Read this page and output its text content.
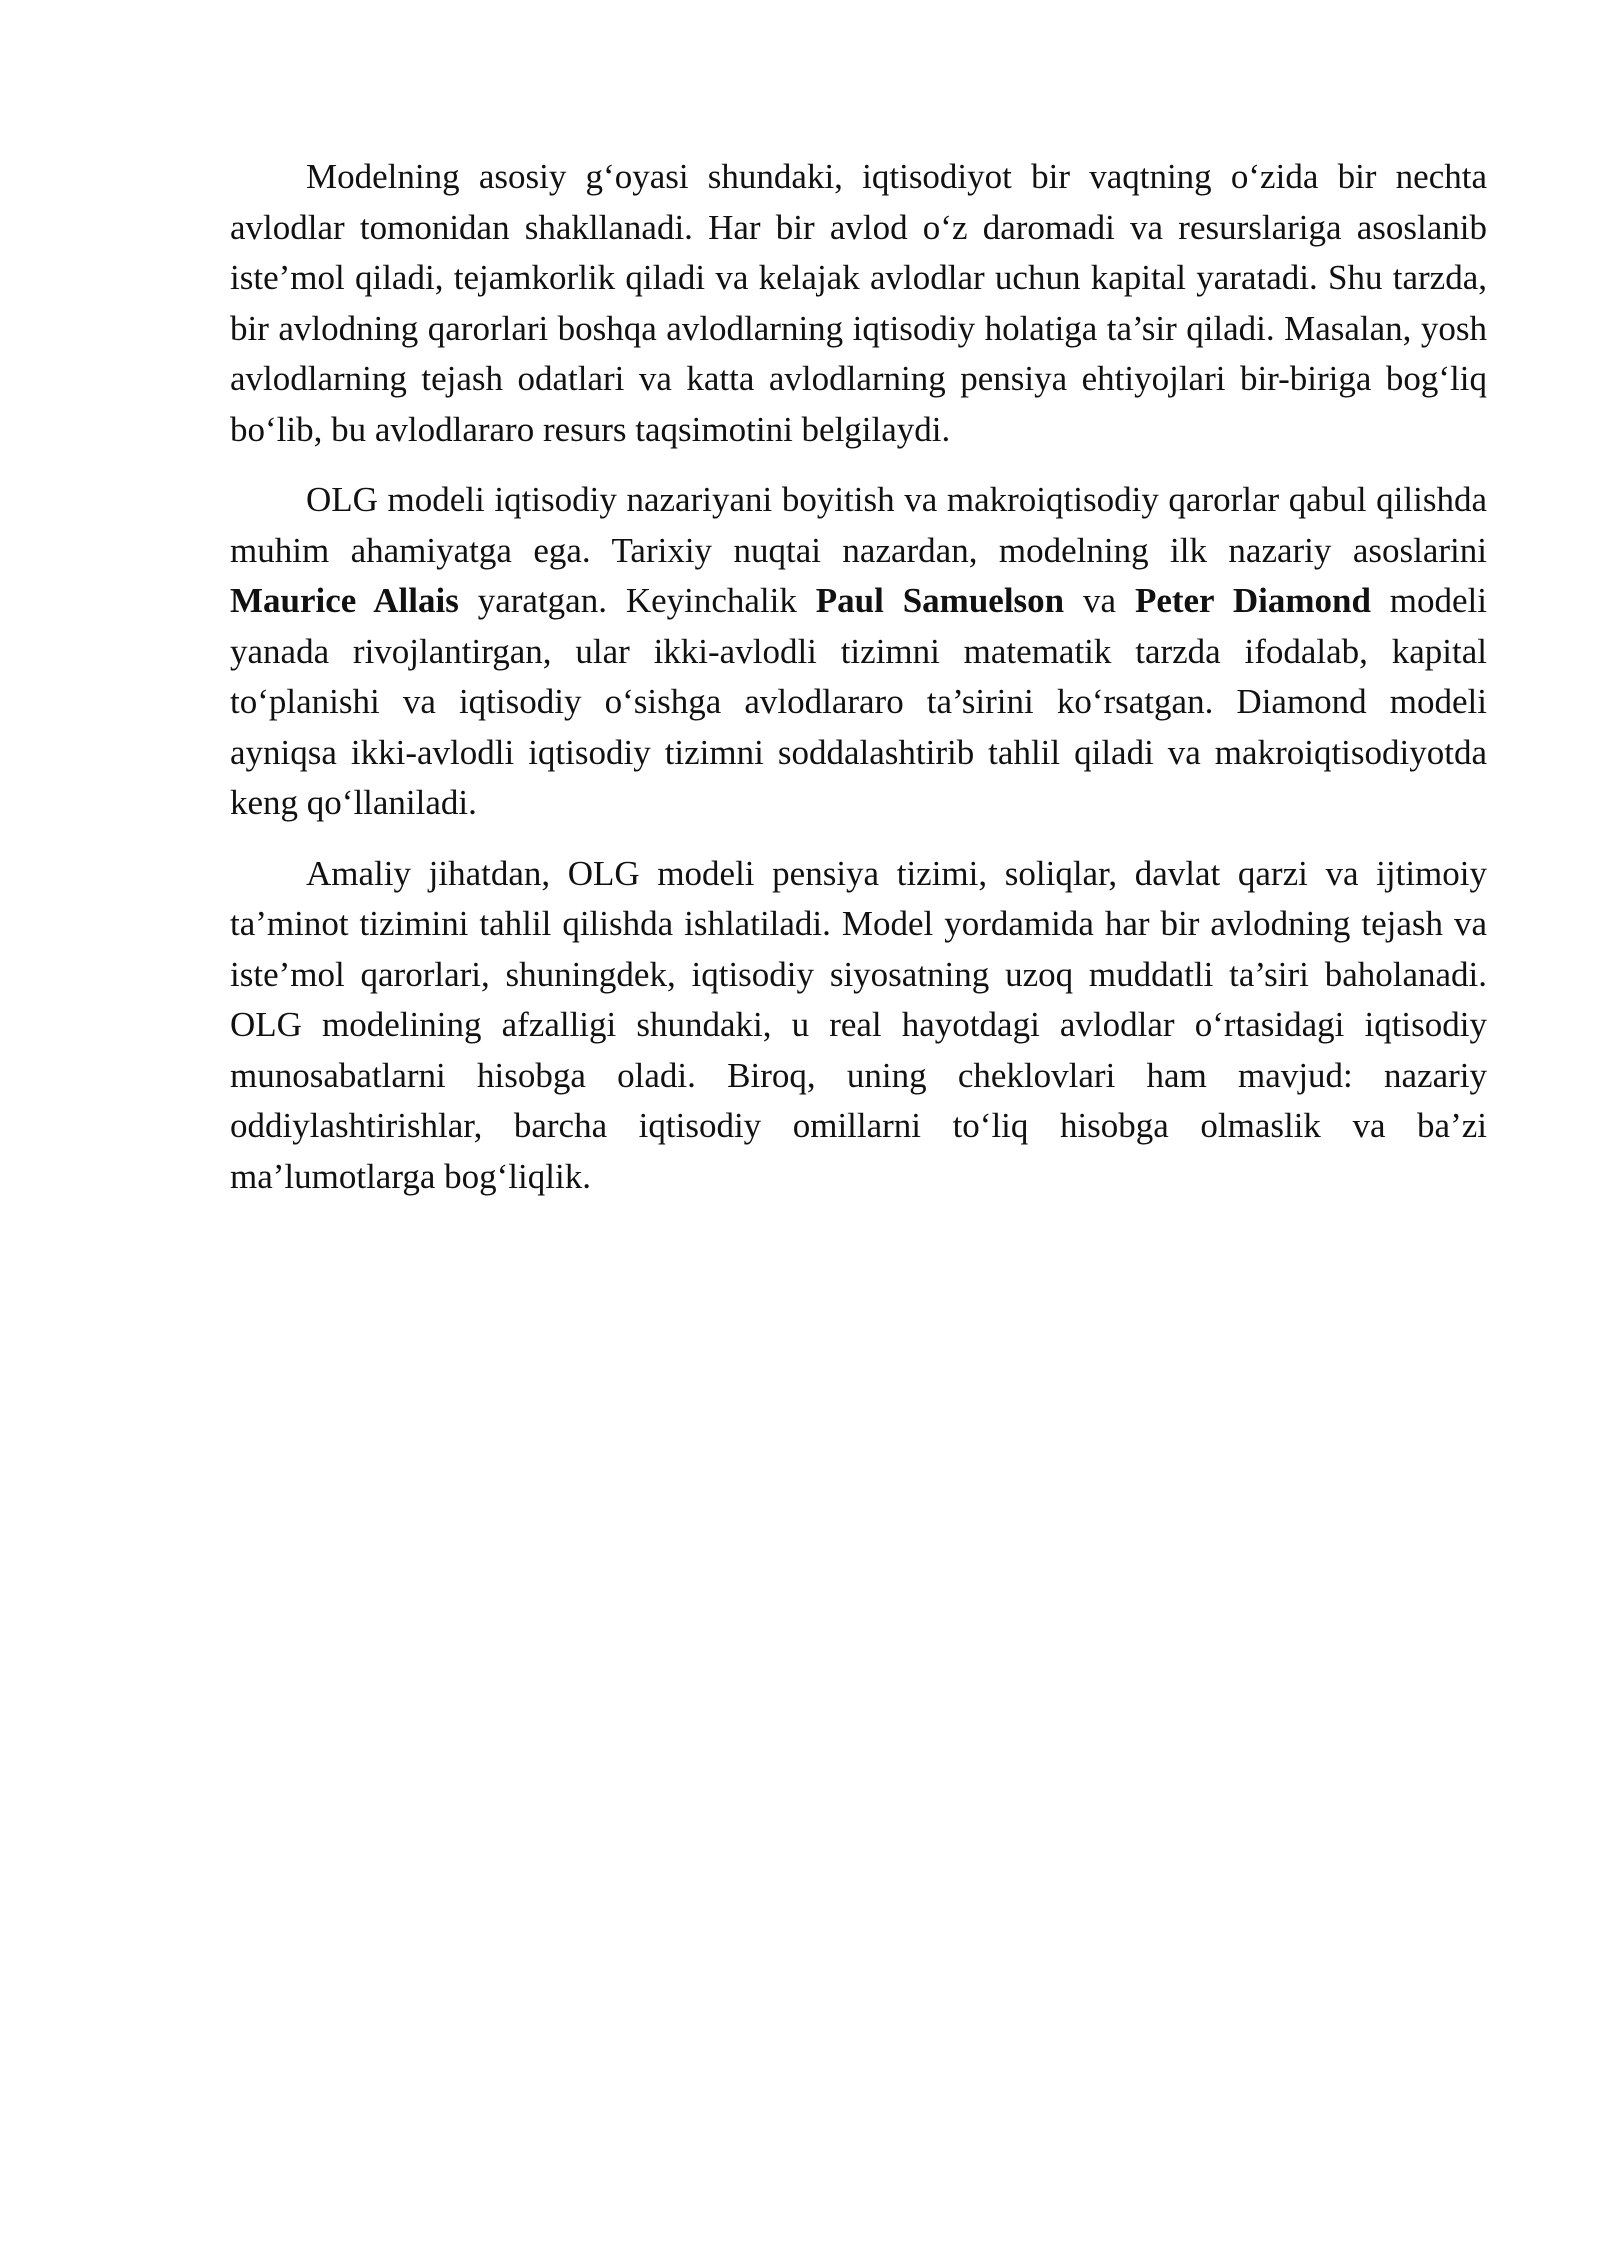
Modelning asosiy g‘oyasi shundaki, iqtisodiyot bir vaqtning o‘zida bir nechta avlodlar tomonidan shakllanadi. Har bir avlod o‘z daromadi va resurslariga asoslanib iste’mol qiladi, tejamkorlik qiladi va kelajak avlodlar uchun kapital yaratadi. Shu tarzda, bir avlodning qarorlari boshqa avlodlarning iqtisodiy holatiga ta’sir qiladi. Masalan, yosh avlodlarning tejash odatlari va katta avlodlarning pensiya ehtiyojlari bir-biriga bog‘liq bo‘lib, bu avlodlararo resurs taqsimotini belgilaydi.

OLG modeli iqtisodiy nazariyani boyitish va makroiqtisodiy qarorlar qabul qilishda muhim ahamiyatga ega. Tarixiy nuqtai nazardan, modelning ilk nazariy asoslarini Maurice Allais yaratgan. Keyinchalik Paul Samuelson va Peter Diamond modeli yanada rivojlantirgan, ular ikki-avlodli tizimni matematik tarzda ifodalab, kapital to‘planishi va iqtisodiy o‘sishga avlodlararo ta’sirini ko‘rsatgan. Diamond modeli ayniqsa ikki-avlodli iqtisodiy tizimni soddalashtirib tahlil qiladi va makroiqtisodiyotda keng qo‘llaniladi.

Amaliy jihatdan, OLG modeli pensiya tizimi, soliqlar, davlat qarzi va ijtimoiy ta’minot tizimini tahlil qilishda ishlatiladi. Model yordamida har bir avlodning tejash va iste’mol qarorlari, shuningdek, iqtisodiy siyosatning uzoq muddatli ta’siri baholanadi. OLG modelining afzalligi shundaki, u real hayotdagi avlodlar o‘rtasidagi iqtisodiy munosabatlarni hisobga oladi. Biroq, uning cheklovlari ham mavjud: nazariy oddiylashtirishlar, barcha iqtisodiy omillarni to‘liq hisobga olmaslik va ba’zi ma’lumotlarga bog‘liqlik.
